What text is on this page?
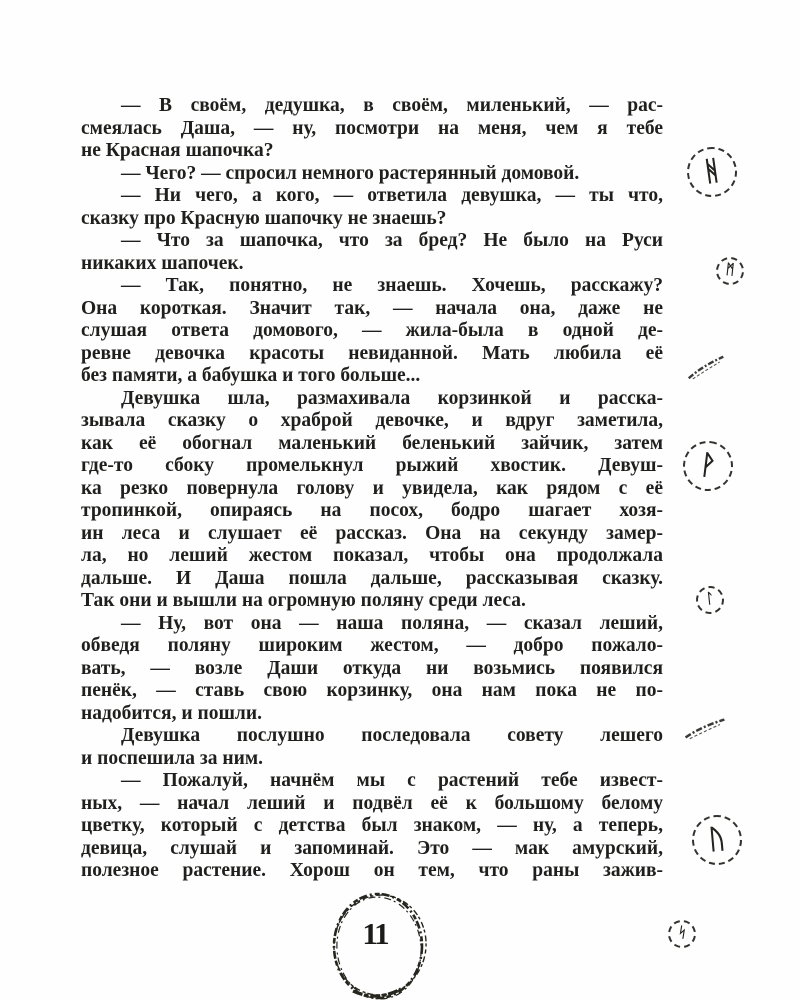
— В своём, дедушка, в своём, миленький, — рас-
смеялась Даша, — ну, посмотри на меня, чем я тебе
не Красная шапочка?
— Чего? — спросил немного растерянный домовой.
— Ни чего, а кого, — ответила девушка, — ты что,
сказку про Красную шапочку не знаешь?
— Что за шапочка, что за бред? Не было на Руси
никаких шапочек.
— Так, понятно, не знаешь. Хочешь, расскажу?
Она короткая. Значит так, — начала она, даже не
слушая ответа домового, — жила-была в одной де-
ревне девочка красоты невиданной. Мать любила её
без памяти, а бабушка и того больше...
Девушка шла, размахивала корзинкой и расска-
зывала сказку о храброй девочке, и вдруг заметила,
как её обогнал маленький беленький зайчик, затем
где-то сбоку промелькнул рыжий хвостик. Девуш-
ка резко повернула голову и увидела, как рядом с её
тропинкой, опираясь на посох, бодро шагает хозя-
ин леса и слушает её рассказ. Она на секунду замер-
ла, но леший жестом показал, чтобы она продолжала
дальше. И Даша пошла дальше, рассказывая сказку.
Так они и вышли на огромную поляну среди леса.
— Ну, вот она — наша поляна, — сказал леший,
обведя поляну широким жестом, — добро пожало-
вать, — возле Даши откуда ни возьмись появился
пенёк, — ставь свою корзинку, она нам пока не по-
надобится, и пошли.
Девушка послушно последовала совету лешего
и поспешила за ним.
— Пожалуй, начнём мы с растений тебе извест-
ных, — начал леший и подвёл её к большому белому
цветку, который с детства был знаком, — ну, а теперь,
девица, слушай и запоминай. Это — мак амурский,
полезное растение. Хорош он тем, что раны зажив-
ᚻ
ᛗ
ᚹ
ᛚ
ᚢ
ᛋ
11
